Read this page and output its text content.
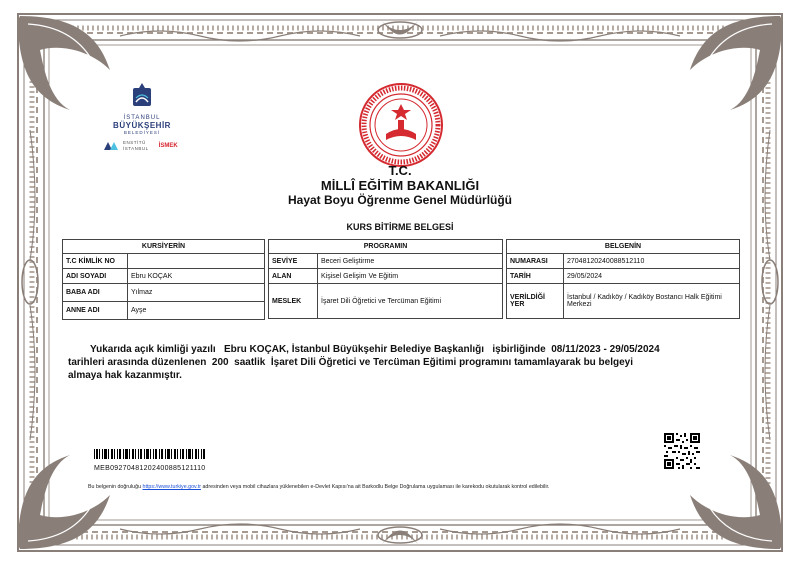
İSTANBUL
BÜYÜKŞEHİR
BELEDİYESİ
ENSTİTÜ
İSTANBUL İSMEK
T.C.
MİLLÎ EĞİTİM BAKANLIĞI
Hayat Boyu Öğrenme Genel Müdürlüğü
KURS BİTİRME BELGESİ
KURSİYERİN	
T.C KİMLİK NO	
ADI SOYADI	Ebru KOÇAK
BABA ADI	Yılmaz
ANNE ADI	Ayşe
PROGRAMIN	
SEVİYE	Beceri Geliştirme
ALAN	Kişisel Gelişim Ve Eğitim
MESLEK	İşaret Dili Öğretici ve Tercüman Eğitimi
BELGENİN	
NUMARASI	27048120240088512110
TARİH	29/05/2024
VERİLDİĞİ YER	İstanbul / Kadıköy / Kadıköy Bostancı Halk Eğitimi Merkezi

Yukarıda açık kimliği yazılı   Ebru KOÇAK, İstanbul Büyükşehir Belediye Başkanlığı   işbirliğinde  08/11/2023 - 29/05/2024

tarihleri arasında düzenlenen  200  saatlik  İşaret Dili Öğretici ve Tercüman Eğitimi programını tamamlayarak bu belgeyi

almaya hak kazanmıştır.

MEB09270481202400885121110
Bu belgenin doğruluğu https://www.turkiye.gov.tr adresinden veya mobil cihazlara yüklenebilen e-Devlet Kapısı'na ait Barkodlu Belge Doğrulama uygulaması ile karekodu okutularak kontrol edilebilir.
